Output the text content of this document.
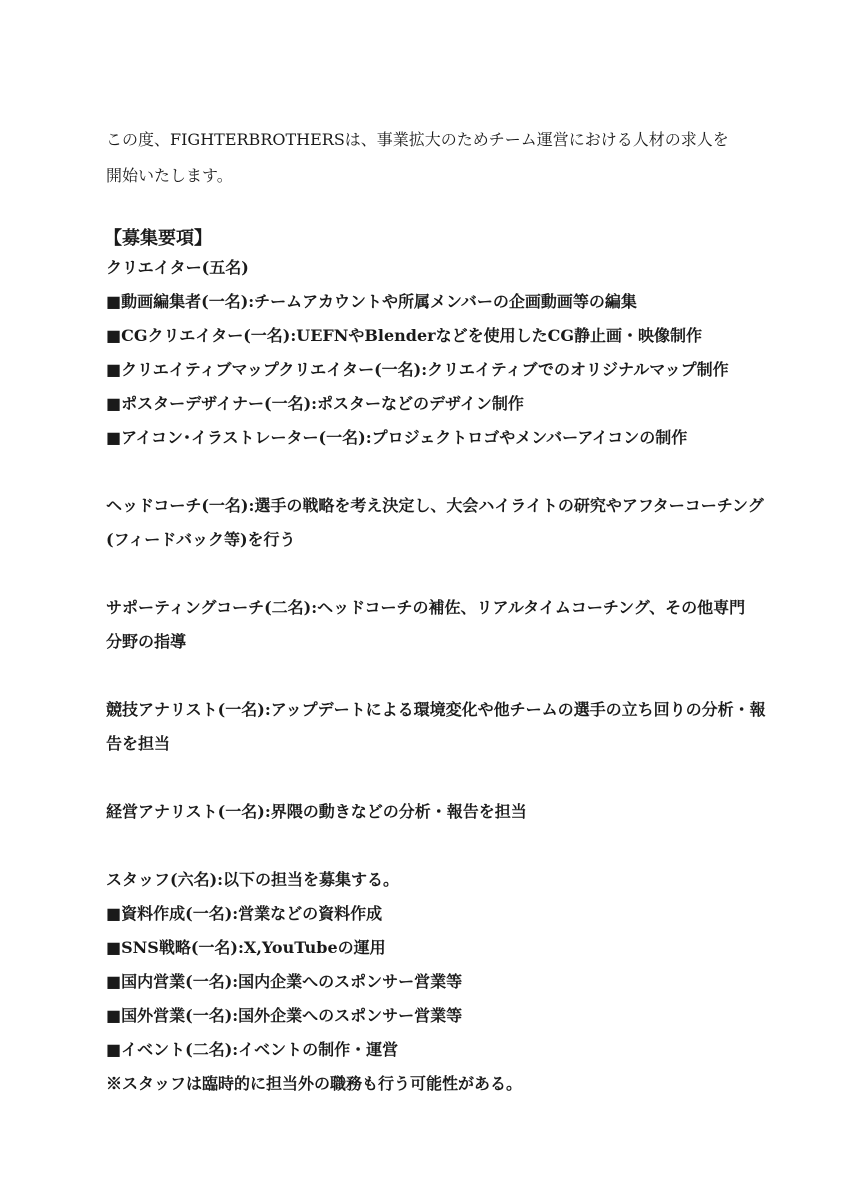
この度、FIGHTERBROTHERSは、事業拡大のためチーム運営における人材の求人を

開始いたします。

【募集要項】

クリエイター(五名)

■動画編集者(一名):チームアカウントや所属メンバーの企画動画等の編集

■CGクリエイター(一名):UEFNやBlenderなどを使用したCG静止画・映像制作

■クリエイティブマップクリエイター(一名):クリエイティブでのオリジナルマップ制作

■ポスターデザイナー(一名):ポスターなどのデザイン制作

■アイコン･イラストレーター(一名):プロジェクトロゴやメンバーアイコンの制作

ヘッドコーチ(一名):選手の戦略を考え決定し、大会ハイライトの研究やアフターコーチング

(フィードバック等)を行う

サポーティングコーチ(二名):ヘッドコーチの補佐、リアルタイムコーチング、その他専門

分野の指導

競技アナリスト(一名):アップデートによる環境変化や他チームの選手の立ち回りの分析・報

告を担当

経営アナリスト(一名):界隈の動きなどの分析・報告を担当

スタッフ(六名):以下の担当を募集する。

■資料作成(一名):営業などの資料作成

■SNS戦略(一名):X,YouTubeの運用

■国内営業(一名):国内企業へのスポンサー営業等

■国外営業(一名):国外企業へのスポンサー営業等

■イベント(二名):イベントの制作・運営

※スタッフは臨時的に担当外の職務も行う可能性がある。
